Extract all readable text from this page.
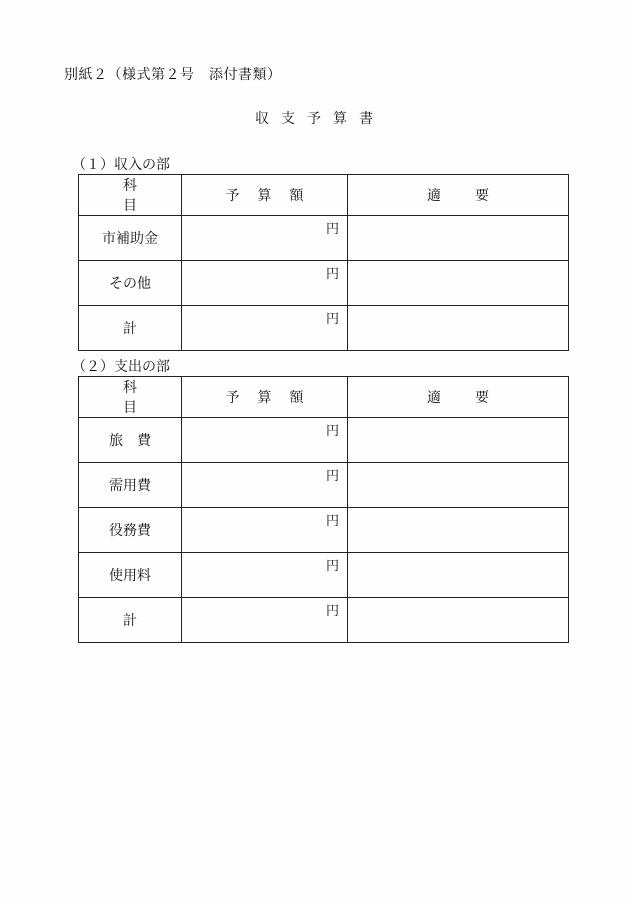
別紙２（様式第２号　添付書類）
収支予算書
（１）収入の部
科目	予算額	適要
市補助金	円	

その他	円	

計	円	

（２）支出の部
科目	予算額	適要
旅　費	円	

需用費	円	

役務費	円	

使用料	円	

計	円	
